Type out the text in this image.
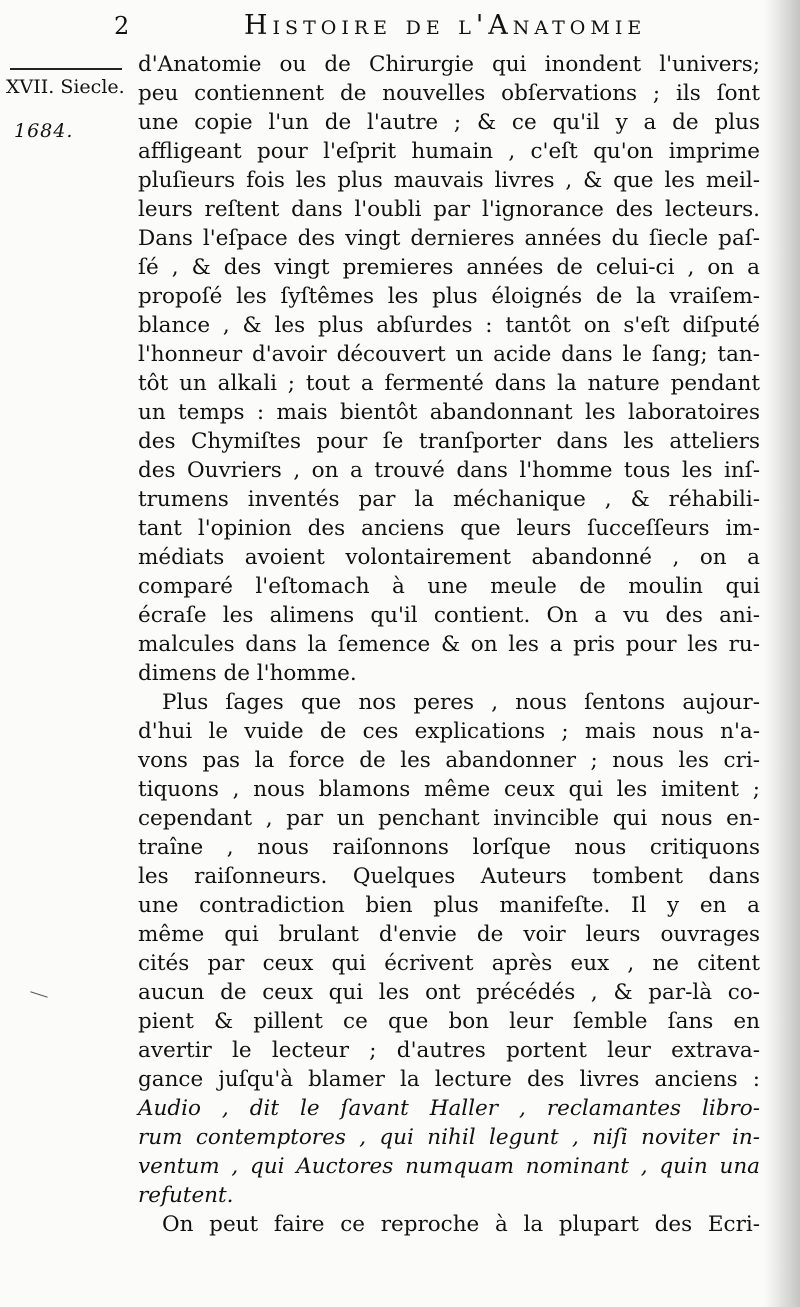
2	Histoire de l'Anatomie
XVII. Siecle.
1684.
d'Anatomie ou de Chirurgie qui inondent l'univers;
peu contiennent de nouvelles obſervations ; ils ſont
une copie l'un de l'autre ; & ce qu'il y a de plus
affligeant pour l'eſprit humain , c'eſt qu'on imprime
pluſieurs fois les plus mauvais livres , & que les meil-
leurs reſtent dans l'oubli par l'ignorance des lecteurs.
Dans l'eſpace des vingt dernieres années du ſiecle paſ-
ſé , & des vingt premieres années de celui-ci , on a
propoſé les ſyſtêmes les plus éloignés de la vraiſem-
blance , & les plus abſurdes : tantôt on s'eſt diſputé
l'honneur d'avoir découvert un acide dans le ſang; tan-
tôt un alkali ; tout a fermenté dans la nature pendant
un temps : mais bientôt abandonnant les laboratoires
des Chymiſtes pour ſe tranſporter dans les atteliers
des Ouvriers , on a trouvé dans l'homme tous les inſ-
trumens inventés par la méchanique , & réhabili-
tant l'opinion des anciens que leurs ſucceſſeurs im-
médiats avoient volontairement abandonné , on a
comparé l'eſtomach à une meule de moulin qui
écraſe les alimens qu'il contient. On a vu des ani-
malcules dans la ſemence & on les a pris pour les ru-
dimens de l'homme.
Plus ſages que nos peres , nous ſentons aujour-
d'hui le vuide de ces explications ; mais nous n'a-
vons pas la force de les abandonner ; nous les cri-
tiquons , nous blamons même ceux qui les imitent ;
cependant , par un penchant invincible qui nous en-
traîne , nous raiſonnons lorſque nous critiquons
les raiſonneurs. Quelques Auteurs tombent dans
une contradiction bien plus manifeſte. Il y en a
même qui brulant d'envie de voir leurs ouvrages
cités par ceux qui écrivent après eux , ne citent
aucun de ceux qui les ont précédés , & par-là co-
pient & pillent ce que bon leur ſemble ſans en
avertir le lecteur ; d'autres portent leur extrava-
gance juſqu'à blamer la lecture des livres anciens :
Audio , dit le ſavant Haller , reclamantes libro-
rum contemptores , qui nihil legunt , niſi noviter in-
ventum , qui Auctores numquam nominant , quin una
refutent.
On peut faire ce reproche à la plupart des Ecri-
